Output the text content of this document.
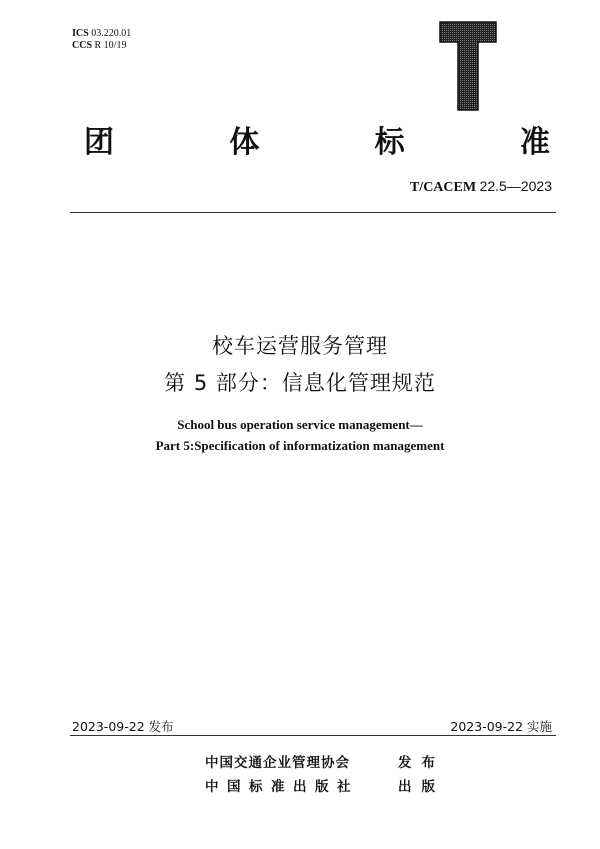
ICS 03.220.01
CCS R 10/19
团	体	标	准
T/CACEM 22.5—2023
校车运营服务管理
第 5 部分：信息化管理规范
School bus operation service management—
Part 5:Specification of informatization management
2023-09-22 发布	2023-09-22 实施
中国交通企业管理协会	发布
中国标准出版社	出版
